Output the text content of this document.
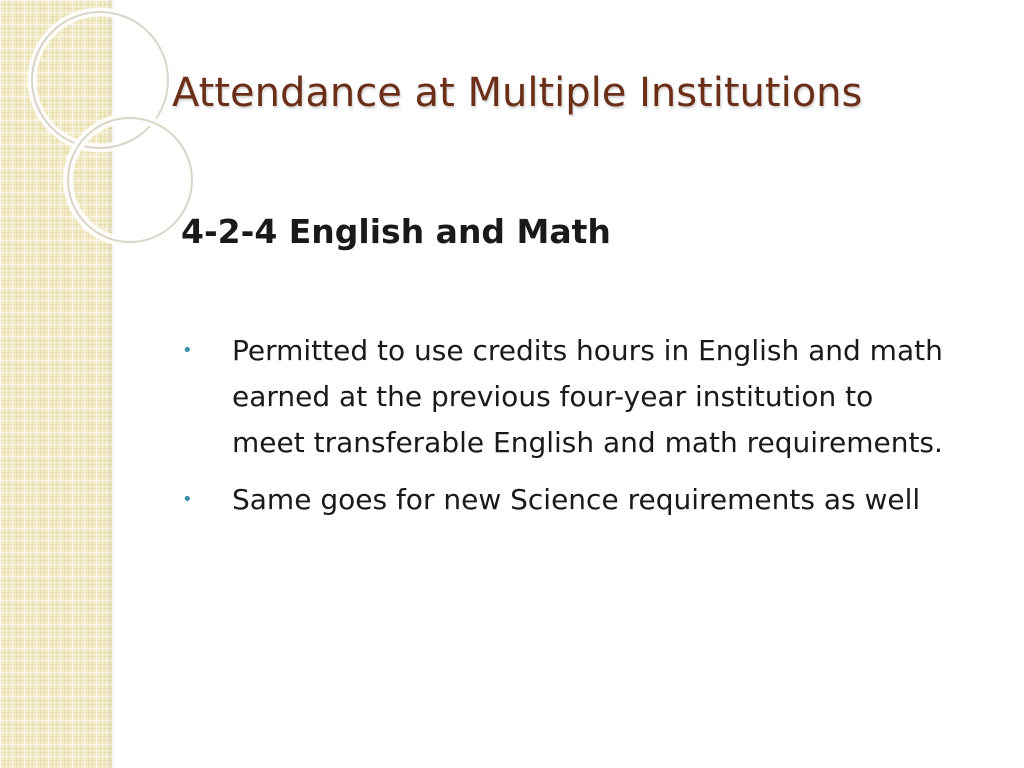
Attendance at Multiple Institutions
4-2-4 English and Math
• Permitted to use credits hours in English and math earned at the previous four-year institution to meet transferable English and math requirements.
• Same goes for new Science requirements as well
